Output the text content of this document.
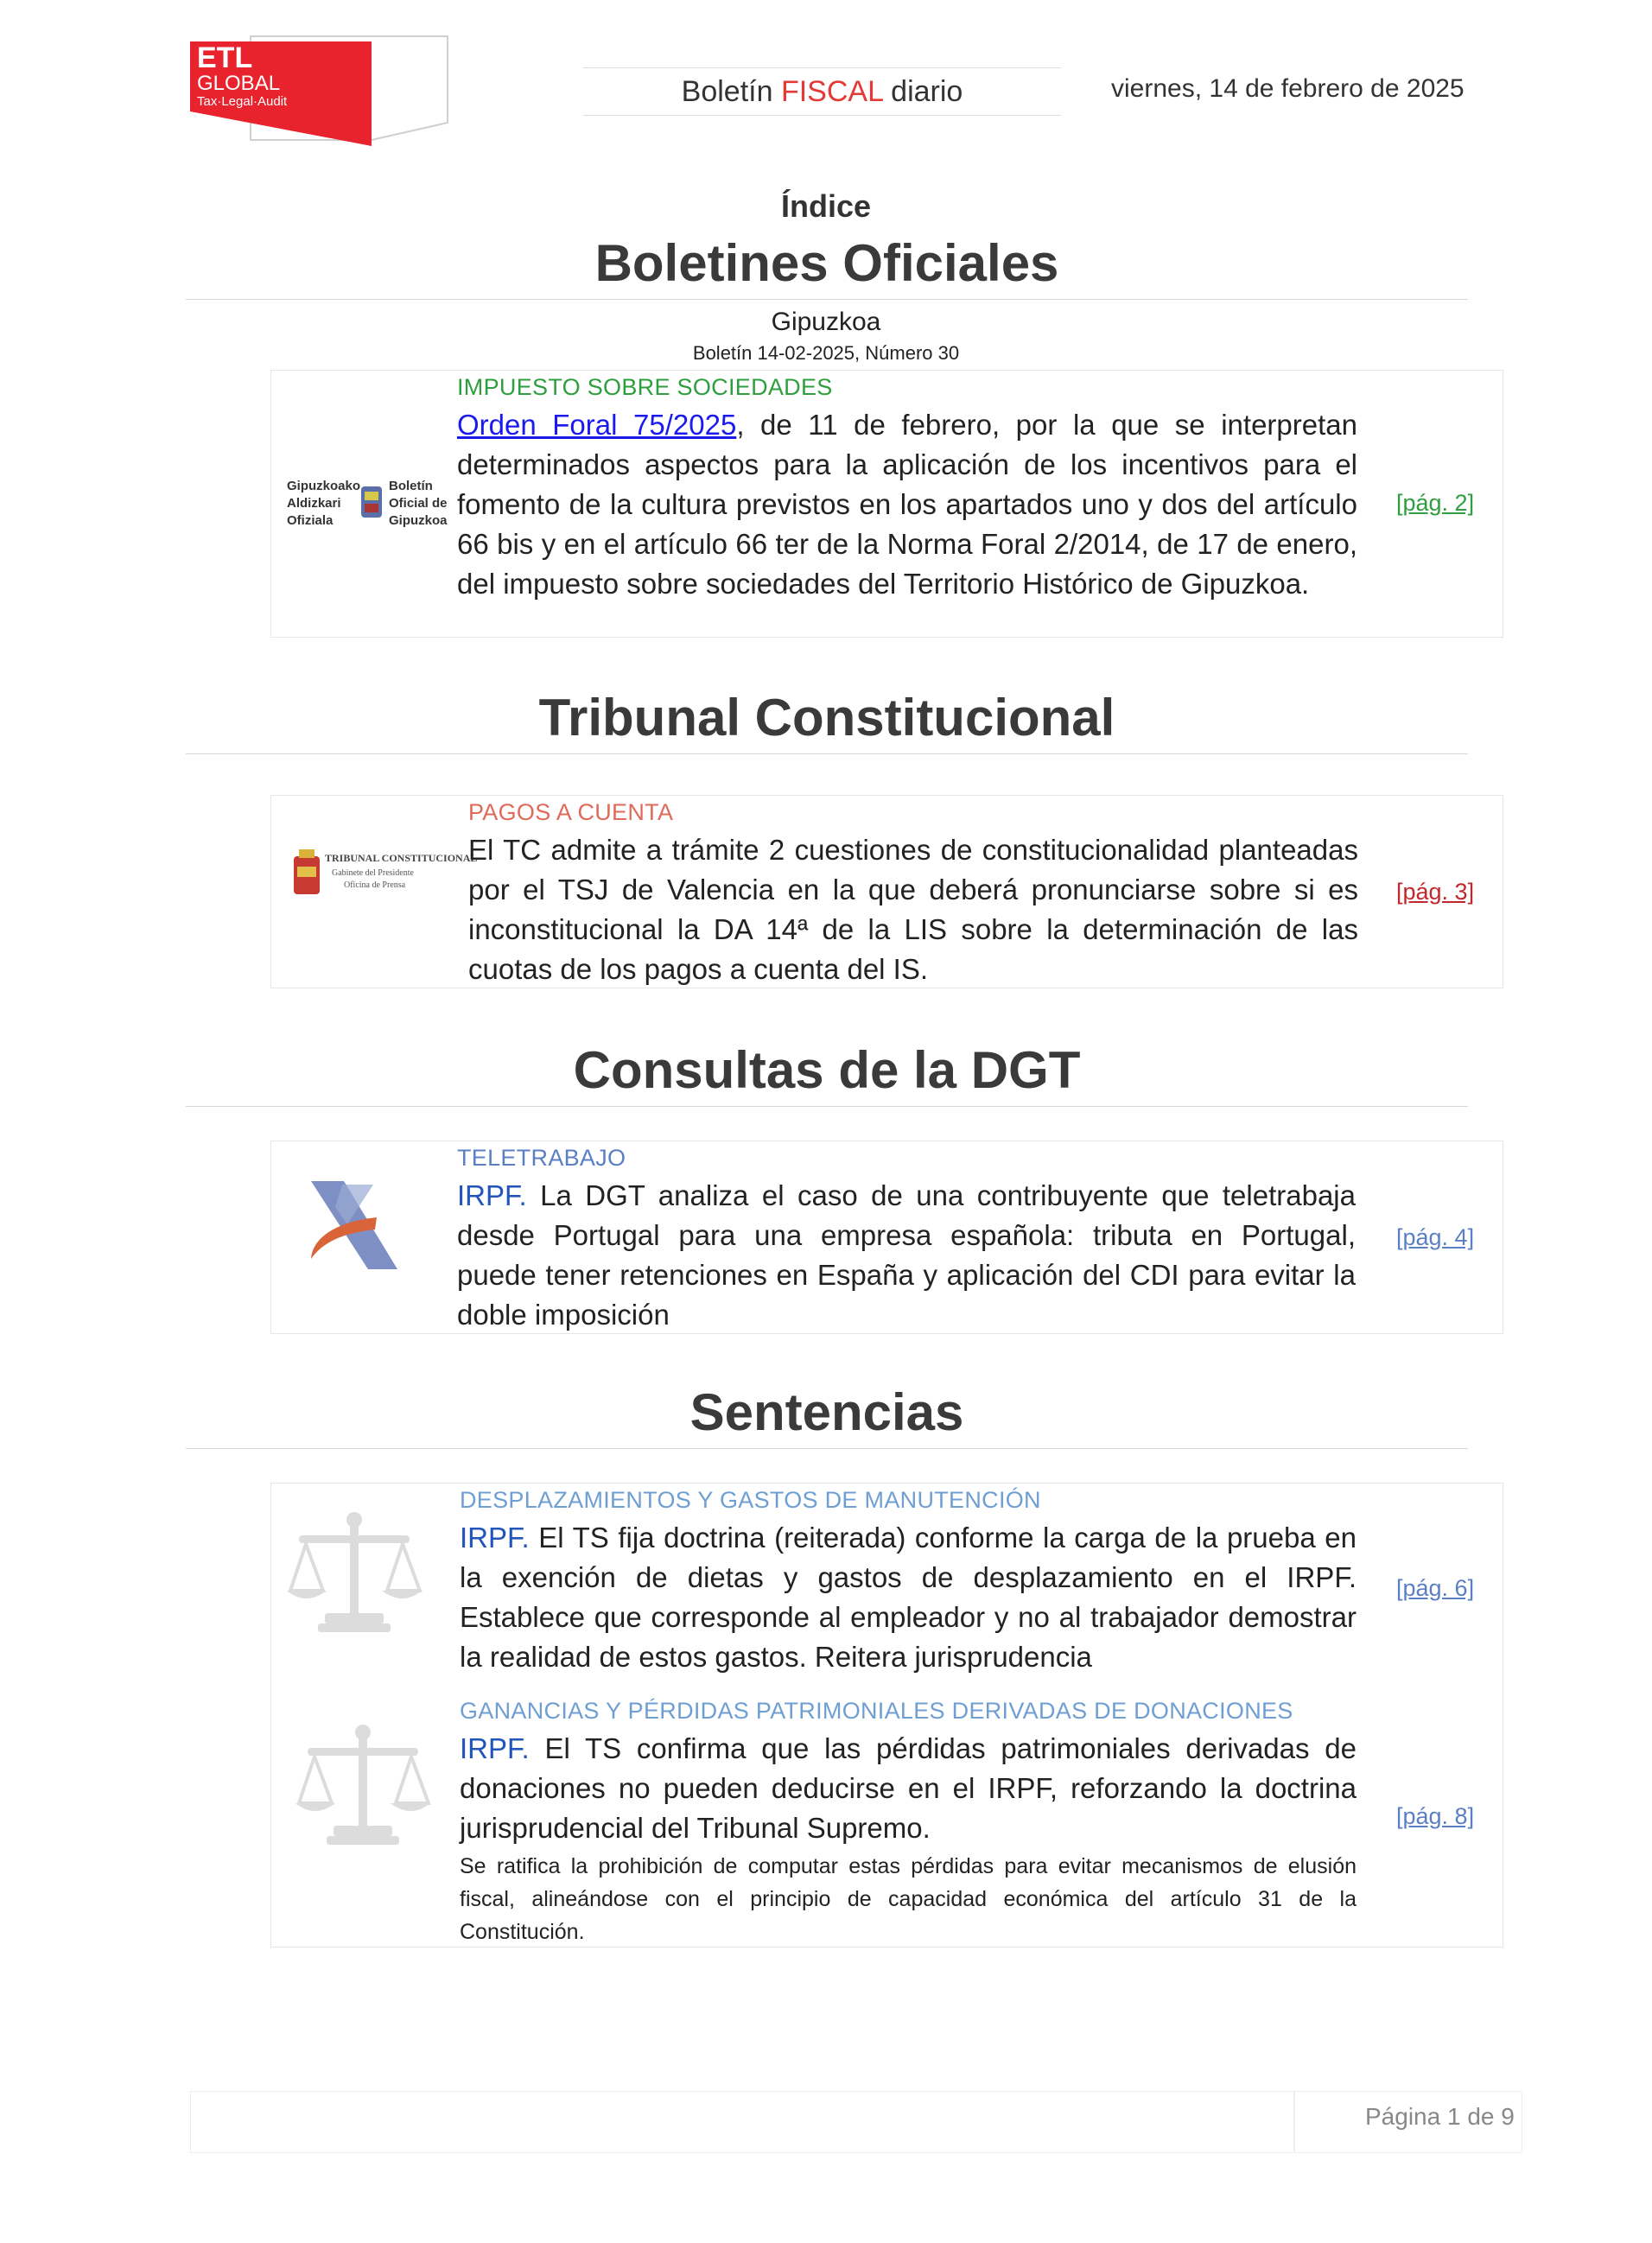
ETL
GLOBAL
Tax·Legal·Audit	Boletín FISCAL diario	viernes, 14 de febrero de 2025
Índice
Boletines Oficiales
Gipuzkoa
Boletín 14-02-2025, Número 30
Gipuzkoako
Aldizkari
Ofiziala
Boletín
Oficial de
Gipuzkoa
IMPUESTO SOBRE SOCIEDADES
Orden Foral 75/2025, de 11 de febrero, por la que se interpretan determinados aspectos para la aplicación de los incentivos para el fomento de la cultura previstos en los apartados uno y dos del artículo 66 bis y en el artículo 66 ter de la Norma Foral 2/2014, de 17 de enero, del impuesto sobre sociedades del Territorio Histórico de Gipuzkoa.
[pág. 2]
Tribunal Constitucional
TRIBUNAL CONSTITUCIONAL
Gabinete del Presidente
Oficina de Prensa
PAGOS A CUENTA
El TC admite a trámite 2 cuestiones de constitucionalidad planteadas por el TSJ de Valencia en la que deberá pronunciarse sobre si es inconstitucional la DA 14ª de la LIS sobre la determinación de las cuotas de los pagos a cuenta del IS.
[pág. 3]
Consultas de la DGT
TELETRABAJO
IRPF. La DGT analiza el caso de una contribuyente que teletrabaja desde Portugal para una empresa española: tributa en Portugal, puede tener retenciones en España y aplicación del CDI para evitar la doble imposición
[pág. 4]
Sentencias
DESPLAZAMIENTOS Y GASTOS DE MANUTENCIÓN
IRPF. El TS fija doctrina (reiterada) conforme la carga de la prueba en la exención de dietas y gastos de desplazamiento en el IRPF. Establece que corresponde al empleador y no al trabajador demostrar la realidad de estos gastos. Reitera jurisprudencia
[pág. 6]
GANANCIAS Y PÉRDIDAS PATRIMONIALES DERIVADAS DE DONACIONES
IRPF. El TS confirma que las pérdidas patrimoniales derivadas de donaciones no pueden deducirse en el IRPF, reforzando la doctrina jurisprudencial del Tribunal Supremo.
Se ratifica la prohibición de computar estas pérdidas para evitar mecanismos de elusión fiscal, alineándose con el principio de capacidad económica del artículo 31 de la Constitución.
[pág. 8]
Página 1 de 9
